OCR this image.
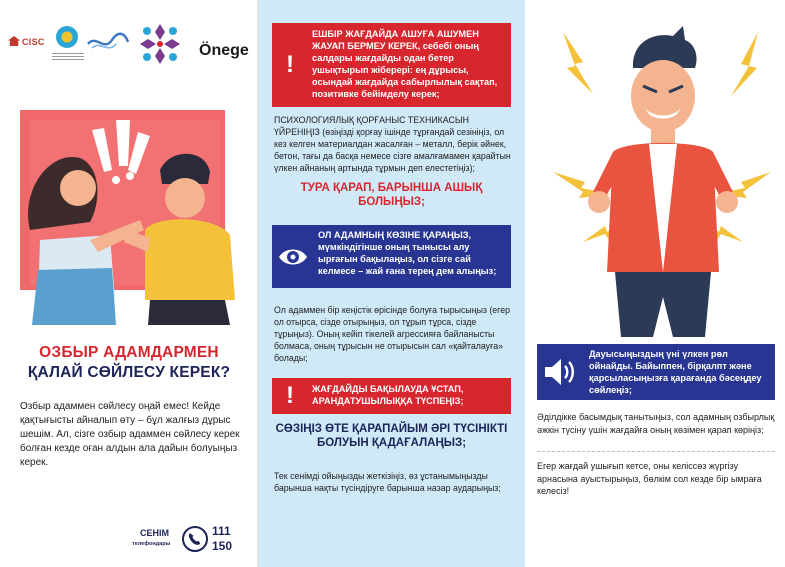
CISC	Önege
ОЗБЫР АДАМДАРМЕН
ҚАЛАЙ СӨЙЛЕСУ КЕРЕК?

Озбыр адаммен сөйлесу оңай емес! Кейде қақтығысты айналып өту – бұл жалғыз дұрыс шешім. Ал, сізге озбыр адаммен сөйлесу керек болған кезде оған алдын ала дайын болуыңыз керек.

СЕНІМ
телефондары
111
150
!

ЕШБІР ЖАҒДАЙДА АШУҒА АШУМЕН ЖАУАП БЕРМЕУ КЕРЕК, себебі оның салдары жағдайды одан бетер ушықтырып жіберері: ең дұрысы, осындай жағдайда сабырлылық сақтап, позитивке бейімделу керек;

ПСИХОЛОГИЯЛЫҚ ҚОРҒАНЫС ТЕХНИКАСЫН ҮЙРЕНІҢІЗ (өзіңізді қорғау ішінде тұрғандай сезініңіз, ол кез келген материалдан жасалған – металл, берік әйнек, бетон, тағы да басқа немесе сізге амалғамамен қарайтын үлкен айнаның артында тұрмын деп елестетіңіз);

ТУРА ҚАРАП, БАРЫНША АШЫҚ БОЛЫҢЫЗ;

ОЛ АДАМНЫҢ КӨЗІНЕ ҚАРАҢЫЗ, мүмкіндігінше оның тынысы алу ырғағын бақылаңыз, ол сізге сай келмесе – жай ғана терең дем алыңыз;

Ол адаммен бір кеңістік өрісінде болуға тырысыңыз (егер ол отырса, сізде отырыңыз, ол тұрып тұрса, сізде тұрыңыз). Оның кейіп тікелей агрессияға байланысты болмаса, оның тұрысын не отырысын сал «қайталауға» болады;

!	ЖАҒДАЙДЫ БАҚЫЛАУДА ҰСТАП, АРАНДАТУШЫЛЫҚҚА ТҮСПЕҢІЗ;

СӨЗІҢІЗ ӨТЕ ҚАРАПАЙЫМ ӘРІ ТҮСІНІКТІ БОЛУЫН ҚАДАҒАЛАҢЫЗ;

Тек сенімді ойыңызды жеткізіңіз, өз ұстанымыңызды барынша нақты түсіндіруге барынша назар аударыңыз;

Дауысыңыздың үні үлкен рөл ойнайды. Байыппен, бірқалпт және қарсыласыңызға қарағанда бәсеңдеу сөйлеңіз;

Әділдікке басымдық танытыңыз, сол адамның озбырлық әжкін түсіну үшін жағдайға оның көзімен қарап көріңіз;

Егер жағдай ушығып кетсе, оны келіссөз жүргізу арнасына ауыстырыңыз, бөлкім сол кезде бір ымраға келесіз!
